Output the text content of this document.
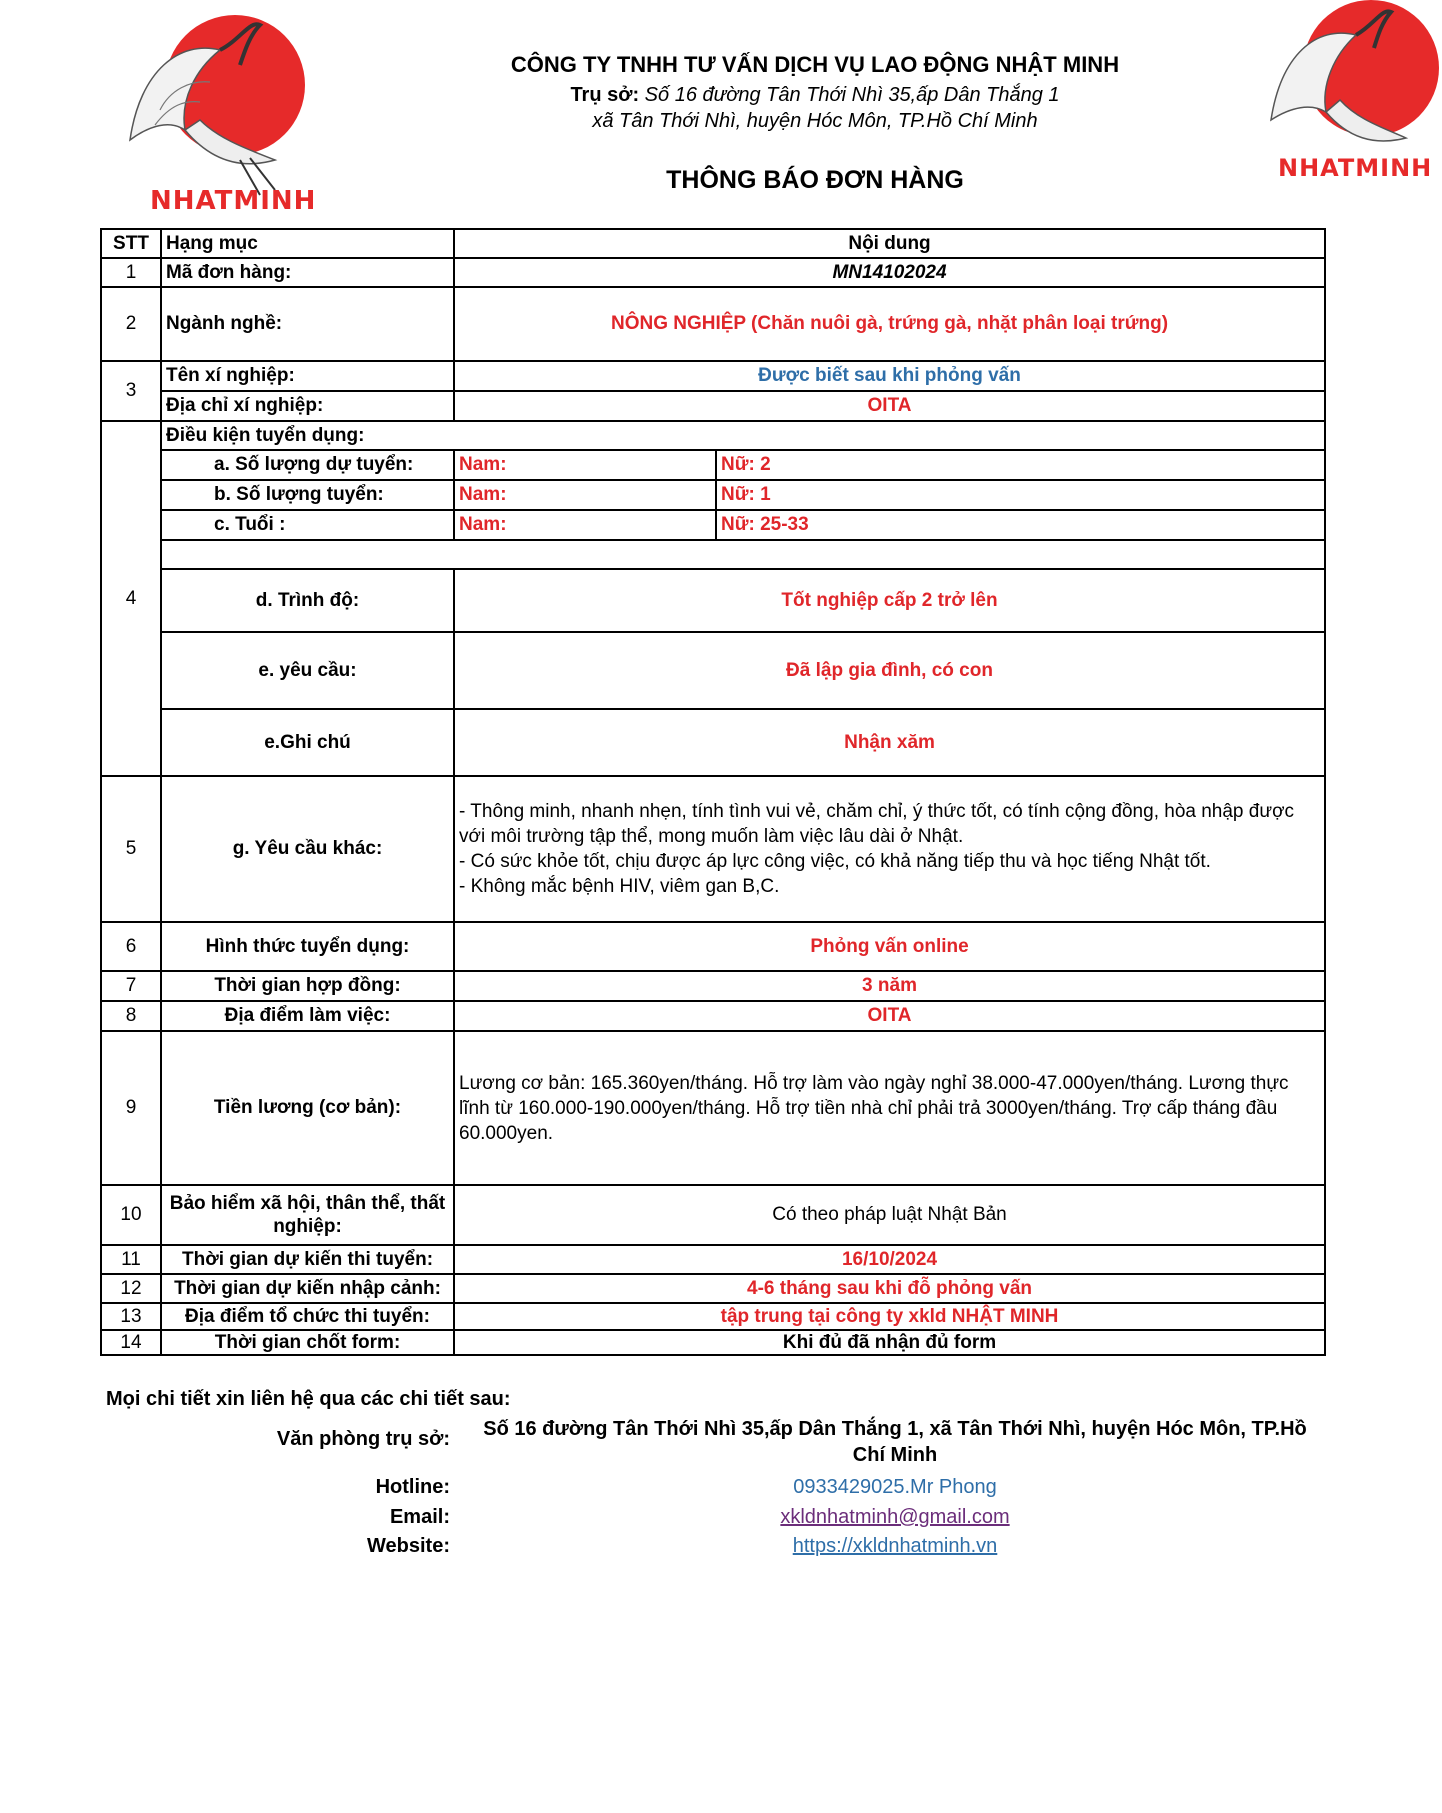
NHATMINH
NHATMINH
CÔNG TY TNHH TƯ VẤN DỊCH VỤ LAO ĐỘNG NHẬT MINH
Trụ sở: Số 16 đường Tân Thới Nhì 35,ấp Dân Thắng 1
xã Tân Thới Nhì, huyện Hóc Môn, TP.Hồ Chí Minh
THÔNG BÁO ĐƠN HÀNG
STT	Hạng mục	Nội dung	
1	Mã đơn hàng:	MN14102024	
2	Ngành nghề:	NÔNG NGHIỆP (Chăn nuôi gà, trứng gà, nhặt phân loại trứng)	
3	Tên xí nghiệp:	Được biết sau khi phỏng vấn	
	Địa chỉ xí nghiệp:	OITA	
4	Điều kiện tuyển dụng:		
	a. Số lượng dự tuyển:	Nam:	Nữ: 2
	b. Số lượng tuyển:	Nam:	Nữ: 1
	c. Tuổi :	Nam:	Nữ: 25-33

	d. Trình độ:	Tốt nghiệp cấp 2 trở lên	
	e. yêu cầu:	Đã lập gia đình, có con	
	e.Ghi chú	Nhận xăm	
5	g. Yêu cầu khác:	- Thông minh, nhanh nhẹn, tính tình vui vẻ, chăm chỉ, ý thức tốt, có tính cộng đồng, hòa nhập được với môi trường tập thể, mong muốn làm việc lâu dài ở Nhật.
- Có sức khỏe tốt, chịu được áp lực công việc, có khả năng tiếp thu và học tiếng Nhật tốt.
- Không mắc bệnh HIV, viêm gan B,C.	

6	Hình thức tuyển dụng:	Phỏng vấn online	
7	Thời gian hợp đồng:	3 năm	
8	Địa điểm làm việc:	OITA	
9	Tiền lương (cơ bản):	Lương cơ bản: 165.360yen/tháng. Hỗ trợ làm vào ngày nghỉ 38.000-47.000yen/tháng. Lương thực lĩnh từ 160.000-190.000yen/tháng. Hỗ trợ tiền nhà chỉ phải trả 3000yen/tháng. Trợ cấp tháng đầu 60.000yen.	
10	Bảo hiểm xã hội, thân thể, thất nghiệp:	Có theo pháp luật Nhật Bản	
11	Thời gian dự kiến thi tuyển:	16/10/2024	
12	Thời gian dự kiến nhập cảnh:	4-6 tháng sau khi đỗ phỏng vấn	
13	Địa điểm tổ chức thi tuyển:	tập trung tại công ty xkld NHẬT MINH	
14	Thời gian chốt form:	Khi đủ đã nhận đủ form	
Mọi chi tiết xin liên hệ qua các chi tiết sau:
Văn phòng trụ sở:	Số 16 đường Tân Thới Nhì 35,ấp Dân Thắng 1, xã Tân Thới Nhì, huyện Hóc Môn, TP.Hồ Chí Minh
Hotline:	0933429025.Mr Phong
Email:	xkldnhatminh@gmail.com
Website:	https://xkldnhatminh.vn
